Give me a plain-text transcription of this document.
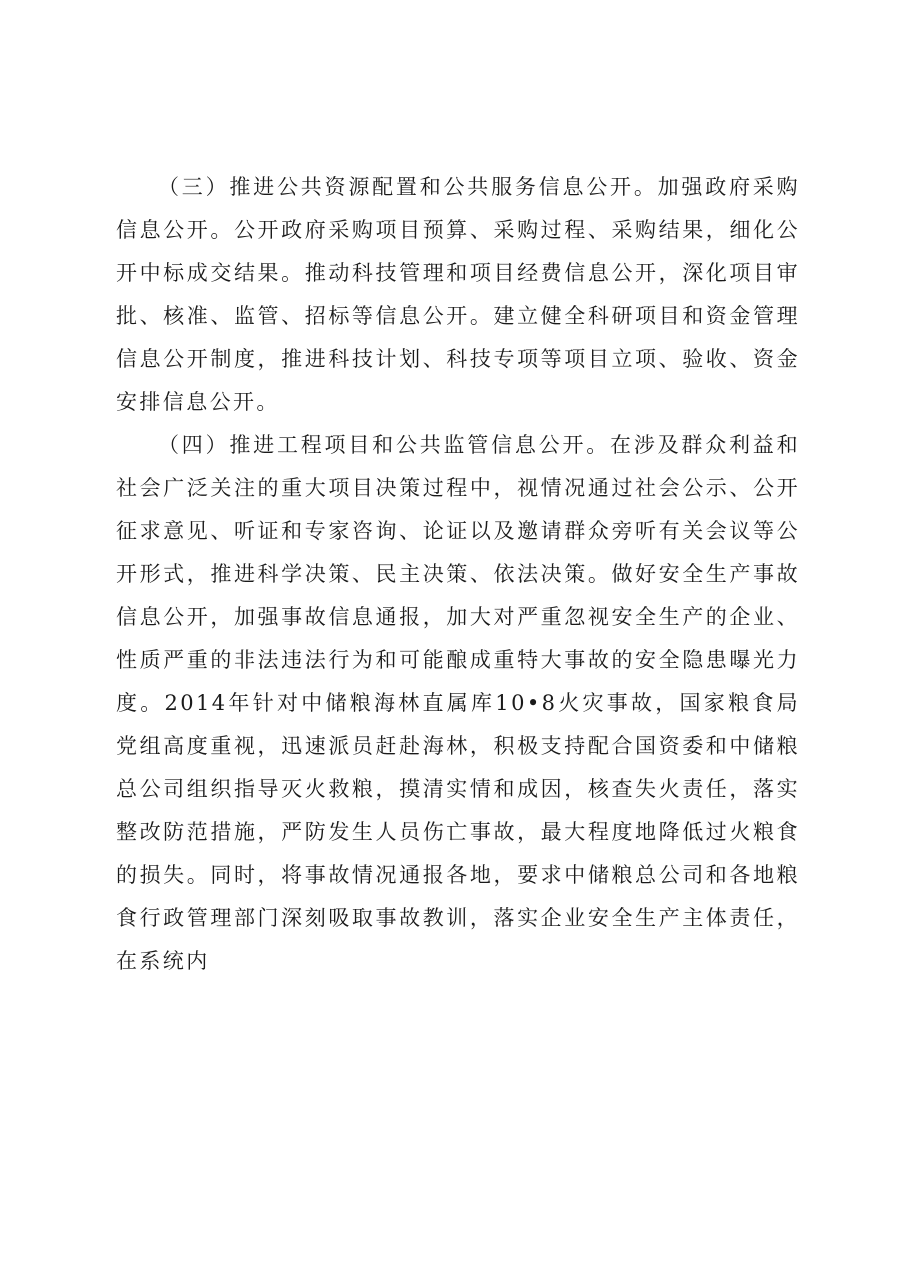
（三）推进公共资源配置和公共服务信息公开。加强政府采购信息公开。公开政府采购项目预算、采购过程、采购结果，细化公开中标成交结果。推动科技管理和项目经费信息公开，深化项目审批、核准、监管、招标等信息公开。建立健全科研项目和资金管理信息公开制度，推进科技计划、科技专项等项目立项、验收、资金安排信息公开。

（四）推进工程项目和公共监管信息公开。在涉及群众利益和社会广泛关注的重大项目决策过程中，视情况通过社会公示、公开征求意见、听证和专家咨询、论证以及邀请群众旁听有关会议等公开形式，推进科学决策、民主决策、依法决策。做好安全生产事故信息公开，加强事故信息通报，加大对严重忽视安全生产的企业、性质严重的非法违法行为和可能酿成重特大事故的安全隐患曝光力度。2014年针对中储粮海林直属库10•8火灾事故，国家粮食局党组高度重视，迅速派员赶赴海林，积极支持配合国资委和中储粮总公司组织指导灭火救粮，摸清实情和成因，核查失火责任，落实整改防范措施，严防发生人员伤亡事故，最大程度地降低过火粮食的损失。同时，将事故情况通报各地，要求中储粮总公司和各地粮食行政管理部门深刻吸取事故教训，落实企业安全生产主体责任，在系统内
